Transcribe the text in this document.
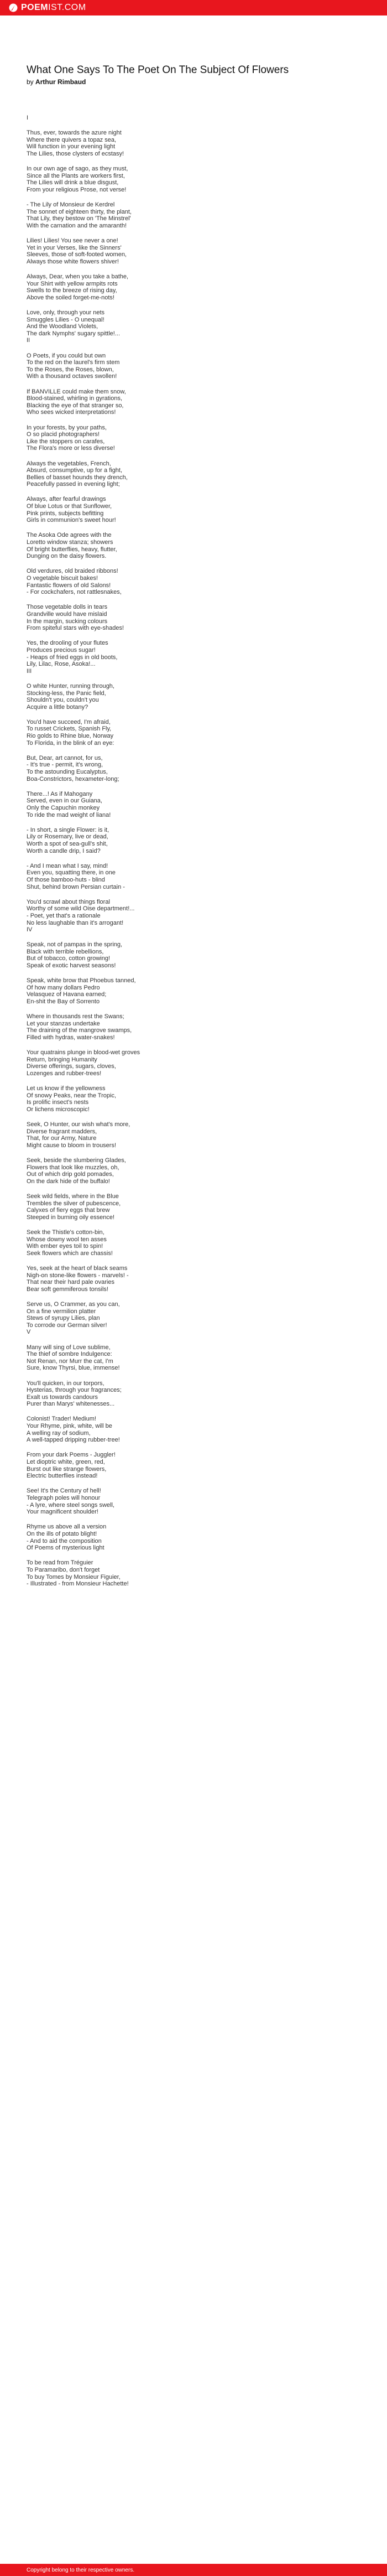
POEMIST.COM
What One Says To The Poet On The Subject Of Flowers
by Arthur Rimbaud
I
Thus, ever, towards the azure night
Where there quivers a topaz sea,
Will function in your evening light
The Lilies, those clysters of ecstasy!
In our own age of sago, as they must,
Since all the Plants are workers first,
The Lilies will drink a blue disgust,
From your religious Prose, not verse!
- The Lily of Monsieur de Kerdrel
The sonnet of eighteen thirty, the plant,
That Lily, they bestow on 'The Minstrel'
With the carnation and the amaranth!
Lilies! Lilies! You see never a one!
Yet in your Verses, like the Sinners'
Sleeves, those of soft-footed women,
Always those white flowers shiver!
Always, Dear, when you take a bathe,
Your Shirt with yellow armpits rots
Swells to the breeze of rising day,
Above the soiled forget-me-nots!
Love, only, through your nets
Smuggles Lilies - O unequal!
And the Woodland Violets,
The dark Nymphs' sugary spittle!...
II
O Poets, if you could but own
To the red on the laurel's firm stem
To the Roses, the Roses, blown,
With a thousand octaves swollen!
If BANVILLE could make them snow,
Blood-stained, whirling in gyrations,
Blacking the eye of that stranger so,
Who sees wicked interpretations!
In your forests, by your paths,
O so placid photographers!
Like the stoppers on carafes,
The Flora's more or less diverse!
Always the vegetables, French,
Absurd, consumptive, up for a fight,
Bellies of basset hounds they drench,
Peacefully passed in evening light;
Always, after fearful drawings
Of blue Lotus or that Sunflower,
Pink prints, subjects befitting
Girls in communion's sweet hour!
The Asoka Ode agrees with the
Loretto window stanza; showers
Of bright butterflies, heavy, flutter,
Dunging on the daisy flowers.
Old verdures, old braided ribbons!
O vegetable biscuit bakes!
Fantastic flowers of old Salons!
- For cockchafers, not rattlesnakes,
Those vegetable dolls in tears
Grandville would have mislaid
In the margin, sucking colours
From spiteful stars with eye-shades!
Yes, the drooling of your flutes
Produces precious sugar!
- Heaps of fried eggs in old boots,
Lily, Lilac, Rose, Asoka!...
III
O white Hunter, running through,
Stocking-less, the Panic field,
Shouldn't you, couldn't you
Acquire a little botany?
You'd have succeed, I'm afraid,
To russet Crickets, Spanish Fly,
Rio golds to Rhine blue, Norway
To Florida, in the blink of an eye:
But, Dear, art cannot, for us,
- It's true - permit, it's wrong,
To the astounding Eucalyptus,
Boa-Constrictors, hexameter-long;
There...! As if Mahogany
Served, even in our Guiana,
Only the Capuchin monkey
To ride the mad weight of liana!
- In short, a single Flower: is it,
Lily or Rosemary, live or dead,
Worth a spot of sea-gull's shit,
Worth a candle drip, I said?
- And I mean what I say, mind!
Even you, squatting there, in one
Of those bamboo-huts - blind
Shut, behind brown Persian curtain -
You'd scrawl about things floral
Worthy of some wild Oise department!...
- Poet, yet that's a rationale
No less laughable than it's arrogant!
IV
Speak, not of pampas in the spring,
Black with terrible rebellions,
But of tobacco, cotton growing!
Speak of exotic harvest seasons!
Speak, white brow that Phoebus tanned,
Of how many dollars Pedro
Velasquez of Havana earned;
En-shit the Bay of Sorrento
Where in thousands rest the Swans;
Let your stanzas undertake
The draining of the mangrove swamps,
Filled with hydras, water-snakes!
Your quatrains plunge in blood-wet groves
Return, bringing Humanity
Diverse offerings, sugars, cloves,
Lozenges and rubber-trees!
Let us know if the yellowness
Of snowy Peaks, near the Tropic,
Is prolific insect's nests
Or lichens microscopic!
Seek, O Hunter, our wish what's more,
Diverse fragrant madders,
That, for our Army, Nature
Might cause to bloom in trousers!
Seek, beside the slumbering Glades,
Flowers that look like muzzles, oh,
Out of which drip gold pomades,
On the dark hide of the buffalo!
Seek wild fields, where in the Blue
Trembles the silver of pubescence,
Calyxes of fiery eggs that brew
Steeped in burning oily essence!
Seek the Thistle's cotton-bin,
Whose downy wool ten asses
With ember eyes toil to spin!
Seek flowers which are chassis!
Yes, seek at the heart of black seams
Nigh-on stone-like flowers - marvels! -
That near their hard pale ovaries
Bear soft gemmiferous tonsils!
Serve us, O Crammer, as you can,
On a fine vermilion platter
Stews of syrupy Lilies, plan
To corrode our German silver!
V
Many will sing of Love sublime,
The thief of sombre Indulgence:
Not Renan, nor Murr the cat, I'm
Sure, know Thyrsi, blue, immense!
You'll quicken, in our torpors,
Hysterias, through your fragrances;
Exalt us towards candours
Purer than Marys' whitenesses...
Colonist! Trader! Medium!
Your Rhyme, pink, white, will be
A welling ray of sodium,
A well-tapped dripping rubber-tree!
From your dark Poems - Juggler!
Let dioptric white, green, red,
Burst out like strange flowers,
Electric butterflies instead!
See! It's the Century of hell!
Telegraph poles will honour
- A lyre, where steel songs swell,
Your magnificent shoulder!
Rhyme us above all a version
On the ills of potato blight!
- And to aid the composition
Of Poems of mysterious light
To be read from Tréguier
To Paramaribo, don't forget
To buy Tomes by Monsieur Figuier,
- Illustrated - from Monsieur Hachette!
Copyright belong to their respective owners.
